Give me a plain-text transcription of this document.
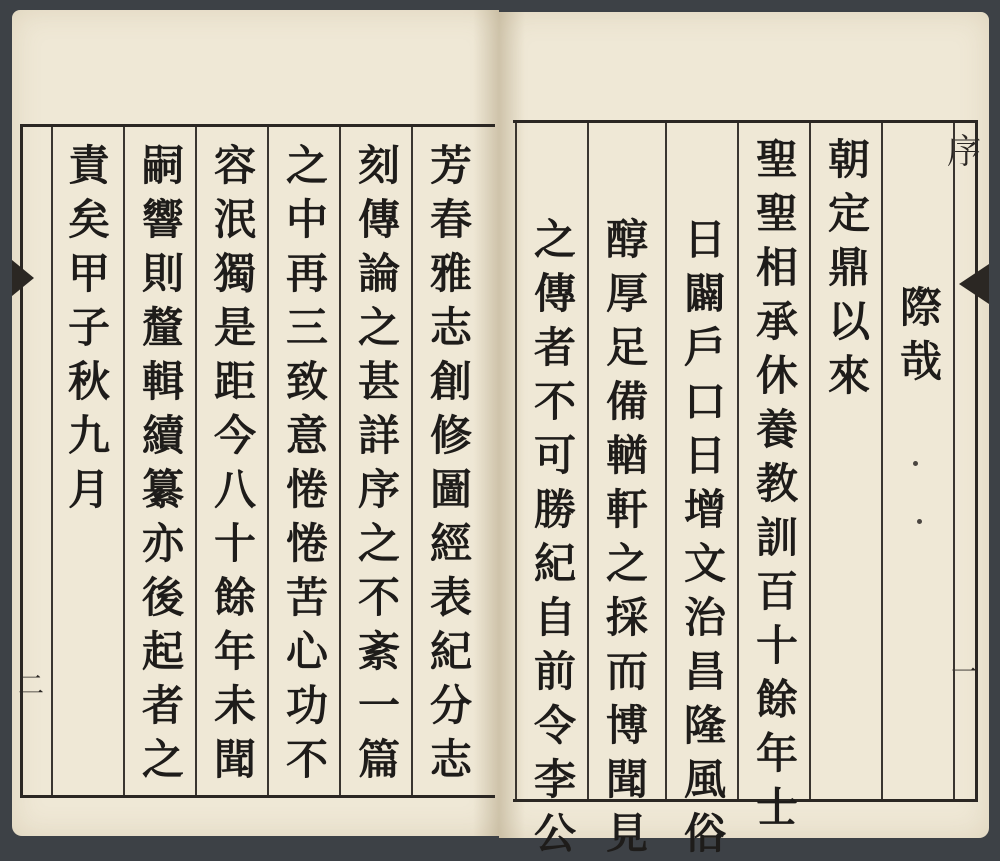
二
芳
春
雅
志
創
修
圖
經
表
紀
分
志
刻
傳
論
之
甚
詳
序
之
不
紊
一
篇
之
中
再
三
致
意
惓
惓
苦
心
功
不
容
泯
獨
是
距
今
八
十
餘
年
未
聞
嗣
響
則
釐
輯
續
纂
亦
後
起
者
之
責
矣
甲
子
秋
九
月
序
一
際
哉
朝
定
鼎
以
來
聖
聖
相
承
休
養
教
訓
百
十
餘
年
士
日
闢
戶
口
日
增
文
治
昌
隆
風
俗
醇
厚
足
備
輶
軒
之
採
而
博
聞
見
之
傳
者
不
可
勝
紀
自
前
令
李
公
